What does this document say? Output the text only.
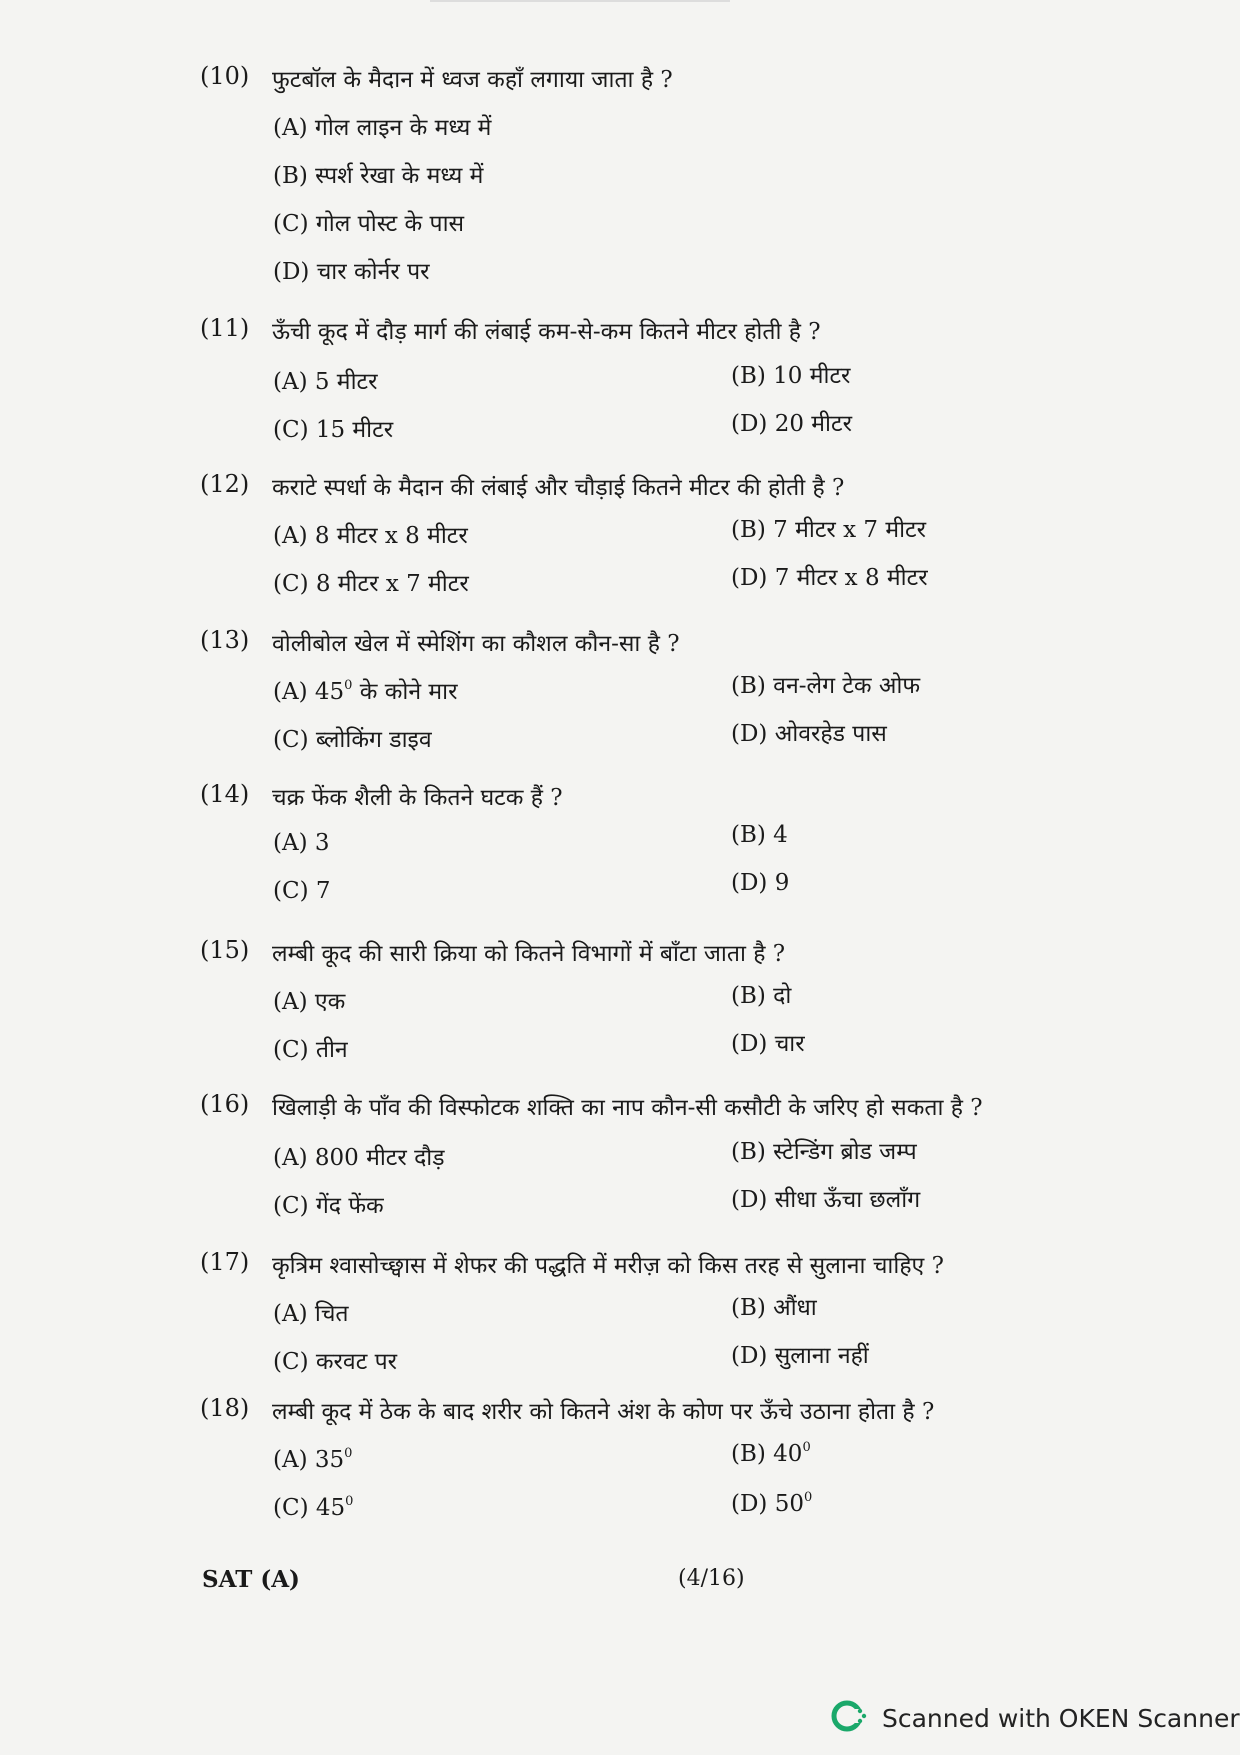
(10) फुटबॉल के मैदान में ध्वज कहाँ लगाया जाता है ?
(A) गोल लाइन के मध्य में
(B) स्पर्श रेखा के मध्य में
(C) गोल पोस्ट के पास
(D) चार कोर्नर पर
(11) ऊँची कूद में दौड़ मार्ग की लंबाई कम-से-कम कितने मीटर होती है ?
(A) 5 मीटर	(B) 10 मीटर
(C) 15 मीटर	(D) 20 मीटर
(12) कराटे स्पर्धा के मैदान की लंबाई और चौड़ाई कितने मीटर की होती है ?
(A) 8 मीटर x 8 मीटर	(B) 7 मीटर x 7 मीटर
(C) 8 मीटर x 7 मीटर	(D) 7 मीटर x 8 मीटर
(13) वोलीबोल खेल में स्मेशिंग का कौशल कौन-सा है ?
(A) $45^0$ के कोने मार	(B) वन-लेग टेक ओफ
(C) ब्लोकिंग डाइव	(D) ओवरहेड पास
(14) चक्र फेंक शैली के कितने घटक हैं ?
(A) 3	(B) 4
(C) 7	(D) 9
(15) लम्बी कूद की सारी क्रिया को कितने विभागों में बाँटा जाता है ?
(A) एक	(B) दो
(C) तीन	(D) चार
(16) खिलाड़ी के पाँव की विस्फोटक शक्ति का नाप कौन-सी कसौटी के जरिए हो सकता है ?
(A) 800 मीटर दौड़	(B) स्टेन्डिंग ब्रोड जम्प
(C) गेंद फेंक	(D) सीधा ऊँचा छलाँग
(17) कृत्रिम श्वासोच्छ्वास में शेफर की पद्धति में मरीज़ को किस तरह से सुलाना चाहिए ?
(A) चित	(B) औंधा
(C) करवट पर	(D) सुलाना नहीं
(18) लम्बी कूद में ठेक के बाद शरीर को कितने अंश के कोण पर ऊँचे उठाना होता है ?
(A) $35^0$	(B) $40^0$
(C) $45^0$	(D) $50^0$
SAT (A)	(4/16)
Scanned with OKEN Scanner
